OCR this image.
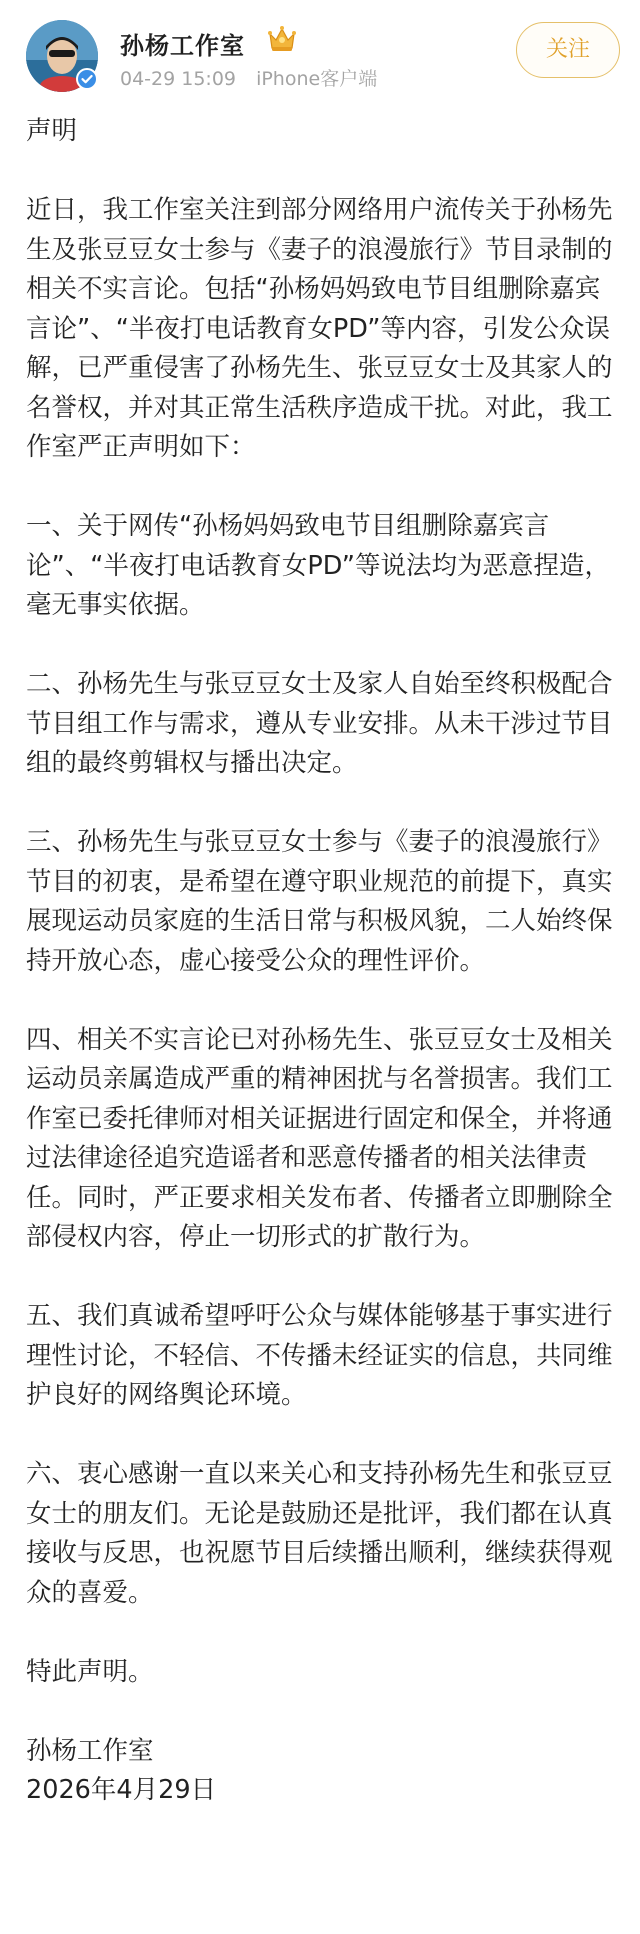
孙杨工作室
04-29 15:09 iPhone客户端
关注

声明

近日，我工作室关注到部分网络用户流传关于孙杨先生及张豆豆女士参与《妻子的浪漫旅行》节目录制的相关不实言论。包括“孙杨妈妈致电节目组删除嘉宾言论”、“半夜打电话教育女PD”等内容，引发公众误解，已严重侵害了孙杨先生、张豆豆女士及其家人的名誉权，并对其正常生活秩序造成干扰。对此，我工作室严正声明如下：

一、关于网传“孙杨妈妈致电节目组删除嘉宾言论”、“半夜打电话教育女PD”等说法均为恶意捏造，毫无事实依据。

二、孙杨先生与张豆豆女士及家人自始至终积极配合节目组工作与需求，遵从专业安排。从未干涉过节目组的最终剪辑权与播出决定。

三、孙杨先生与张豆豆女士参与《妻子的浪漫旅行》节目的初衷，是希望在遵守职业规范的前提下，真实展现运动员家庭的生活日常与积极风貌，二人始终保持开放心态，虚心接受公众的理性评价。

四、相关不实言论已对孙杨先生、张豆豆女士及相关运动员亲属造成严重的精神困扰与名誉损害。我们工作室已委托律师对相关证据进行固定和保全，并将通过法律途径追究造谣者和恶意传播者的相关法律责任。同时，严正要求相关发布者、传播者立即删除全部侵权内容，停止一切形式的扩散行为。

五、我们真诚希望呼吁公众与媒体能够基于事实进行理性讨论，不轻信、不传播未经证实的信息，共同维护良好的网络舆论环境。

六、衷心感谢一直以来关心和支持孙杨先生和张豆豆女士的朋友们。无论是鼓励还是批评，我们都在认真接收与反思，也祝愿节目后续播出顺利，继续获得观众的喜爱。

特此声明。

孙杨工作室

2026年4月29日
